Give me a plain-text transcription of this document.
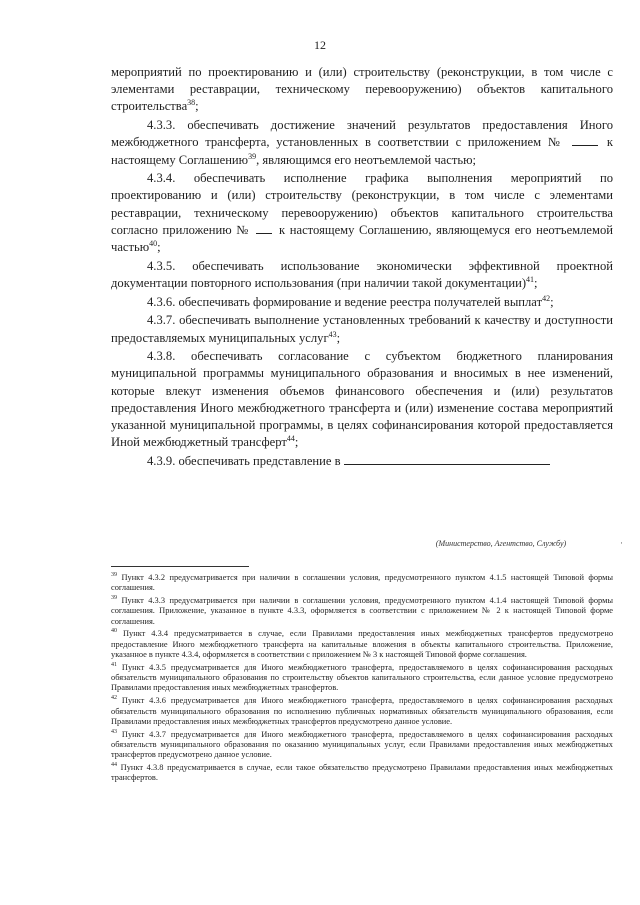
12

мероприятий по проектированию и (или) строительству (реконструкции, в том числе с элементами реставрации, техническому перевооружению) объектов капитального строительства$^{38}$;

4.3.3. обеспечивать достижение значений результатов предоставления Иного межбюджетного трансферта, установленных в соответствии с приложением №	к настоящему Соглашению$^{39}$, являющимся его неотъемлемой частью;

4.3.4. обеспечивать исполнение графика выполнения мероприятий по проектированию и (или) строительству (реконструкции, в том числе с элементами реставрации, техническому перевооружению) объектов капитального строительства согласно приложению № к настоящему Соглашению, являющемуся его неотъемлемой частью$^{40}$;

4.3.5. обеспечивать использование экономически эффективной проектной документации повторного использования (при наличии такой документации)$^{41}$;

4.3.6. обеспечивать формирование и ведение реестра получателей выплат$^{42}$;

4.3.7. обеспечивать выполнение установленных требований к качеству и доступности предоставляемых муниципальных услуг$^{43}$;

4.3.8. обеспечивать согласование с субъектом бюджетного планирования муниципальной программы муниципального образования и вносимых в нее изменений, которые влекут изменения объемов финансового обеспечения и (или) результатов предоставления Иного межбюджетного трансферта и (или) изменение состава мероприятий указанной муниципальной программы, в целях софинансирования которой предоставляется Иной межбюджетный трансферт$^{44}$;

4.3.9. обеспечивать представление в

(Министерство, Агентство, Службу)	·

$^{39}$ Пункт 4.3.2 предусматривается при наличии в соглашении условия, предусмотренного пунктом 4.1.5 настоящей Типовой формы соглашения.

$^{39}$ Пункт 4.3.3 предусматривается при наличии в соглашении условия, предусмотренного пунктом 4.1.4 настоящей Типовой формы соглашения. Приложение, указанное в пункте 4.3.3, оформляется в соответствии с приложением № 2 к настоящей Типовой форме соглашения.

$^{40}$ Пункт 4.3.4 предусматривается в случае, если Правилами предоставления иных межбюджетных трансфертов предусмотрено предоставление Иного межбюджетного трансферта на капитальные вложения в объекты капитального строительства. Приложение, указанное в пункте 4.3.4, оформляется в соответствии с приложением № 3 к настоящей Типовой форме соглашения.

$^{41}$ Пункт 4.3.5 предусматривается для Иного межбюджетного трансферта, предоставляемого в целях софинансирования расходных обязательств муниципального образования по строительству объектов капитального строительства, если данное условие предусмотрено Правилами предоставления иных межбюджетных трансфертов.

$^{42}$ Пункт 4.3.6 предусматривается для Иного межбюджетного трансферта, предоставляемого в целях софинансирования расходных обязательств муниципального образования по исполнению публичных нормативных обязательств муниципального образования, если Правилами предоставления иных межбюджетных трансфертов предусмотрено данное условие.

$^{43}$ Пункт 4.3.7 предусматривается для Иного межбюджетного трансферта, предоставляемого в целях софинансирования расходных обязательств муниципального образования по оказанию муниципальных услуг, если Правилами предоставления иных межбюджетных трансфертов предусмотрено данное условие.

$^{44}$ Пункт 4.3.8 предусматривается в случае, если такое обязательство предусмотрено Правилами предоставления иных межбюджетных трансфертов.
